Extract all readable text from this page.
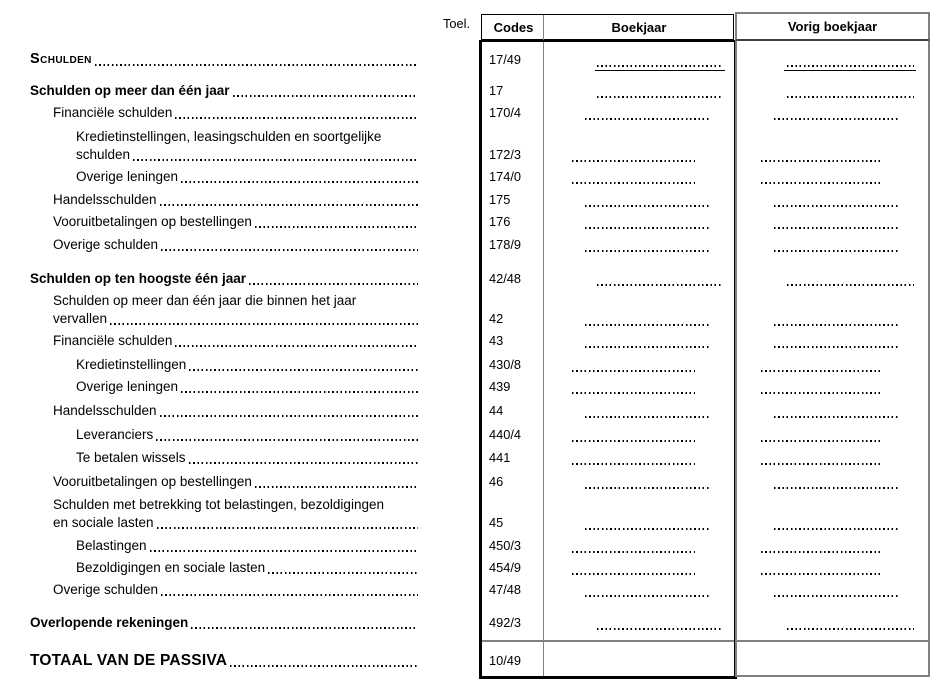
Toel.	Codes	Boekjaar	Vorig boekjaar
Schulden	17/49
Schulden op meer dan één jaar	17
Financiële schulden	170/4
Kredietinstellingen, leasingschulden en soortgelijke
schulden	172/3
Overige leningen	174/0
Handelsschulden	175
Vooruitbetalingen op bestellingen	176
Overige schulden	178/9
Schulden op ten hoogste één jaar	42/48
Schulden op meer dan één jaar die binnen het jaar
vervallen	42
Financiële schulden	43
Kredietinstellingen	430/8
Overige leningen	439
Handelsschulden	44
Leveranciers	440/4
Te betalen wissels	441
Vooruitbetalingen op bestellingen	46
Schulden met betrekking tot belastingen, bezoldigingen
en sociale lasten	45
Belastingen	450/3
Bezoldigingen en sociale lasten	454/9
Overige schulden	47/48
Overlopende rekeningen	492/3
TOTAAL VAN DE PASSIVA	10/49
